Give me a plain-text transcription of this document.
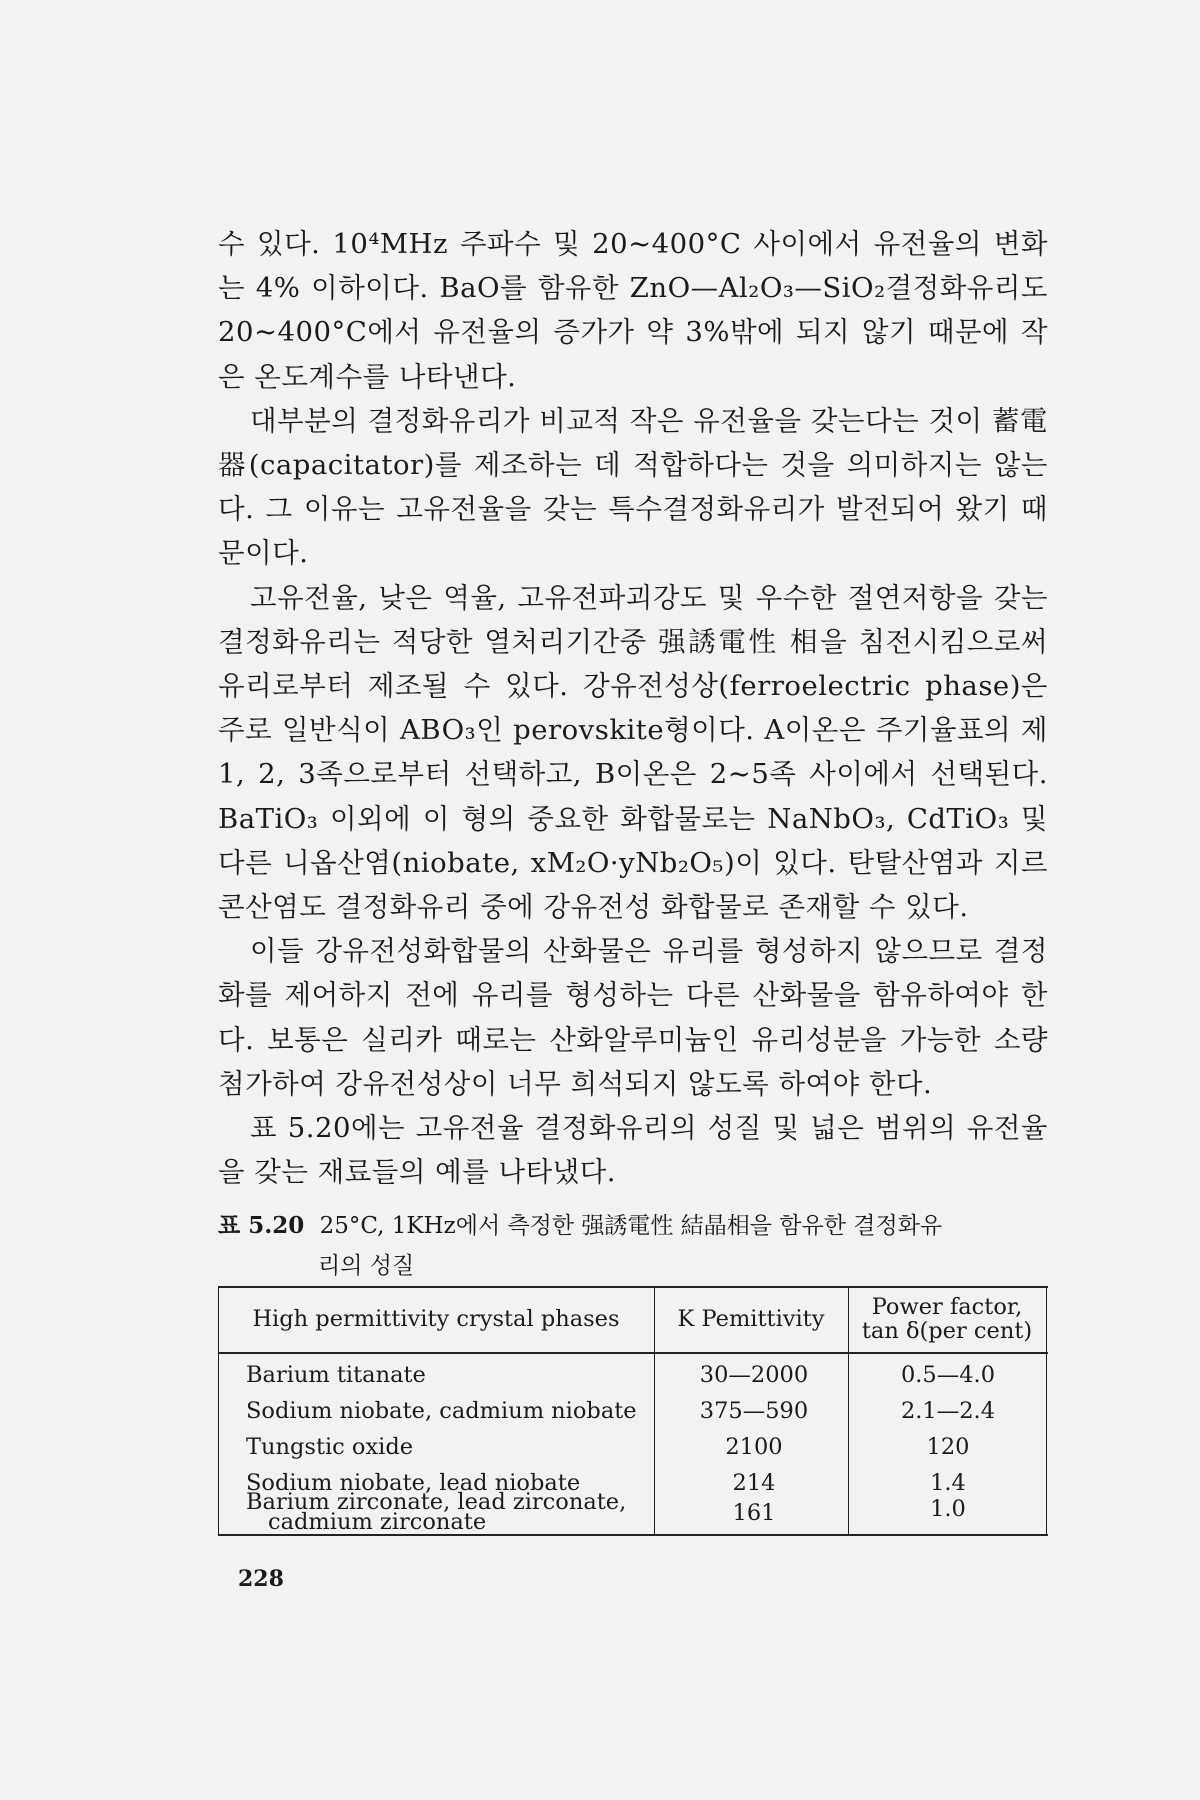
수 있다. 10⁴MHz 주파수 및 20∼400°C 사이에서 유전율의 변화는 4% 이하이다. BaO를 함유한 ZnO—Al₂O₃—SiO₂결정화유리도 20∼400°C에서 유전율의 증가가 약 3%밖에 되지 않기 때문에 작은 온도계수를 나타낸다.

대부분의 결정화유리가 비교적 작은 유전율을 갖는다는 것이 蓄電器(capacitator)를 제조하는 데 적합하다는 것을 의미하지는 않는다. 그 이유는 고유전율을 갖는 특수결정화유리가 발전되어 왔기 때문이다.

고유전율, 낮은 역율, 고유전파괴강도 및 우수한 절연저항을 갖는 결정화유리는 적당한 열처리기간중 强誘電性 相을 침전시킴으로써 유리로부터 제조될 수 있다. 강유전성상(ferroelectric phase)은 주로 일반식이 ABO₃인 perovskite형이다. A이온은 주기율표의 제 1, 2, 3족으로부터 선택하고, B이온은 2∼5족 사이에서 선택된다. BaTiO₃ 이외에 이 형의 중요한 화합물로는 NaNbO₃, CdTiO₃ 및 다른 니옵산염(niobate, xM₂O·yNb₂O₅)이 있다. 탄탈산염과 지르콘산염도 결정화유리 중에 강유전성 화합물로 존재할 수 있다.

이들 강유전성화합물의 산화물은 유리를 형성하지 않으므로 결정화를 제어하지 전에 유리를 형성하는 다른 산화물을 함유하여야 한다. 보통은 실리카 때로는 산화알루미늄인 유리성분을 가능한 소량 첨가하여 강유전성상이 너무 희석되지 않도록 하여야 한다.

표 5.20에는 고유전율 결정화유리의 성질 및 넓은 범위의 유전율을 갖는 재료들의 예를 나타냈다.

표 5.20 25°C, 1KHz에서 측정한 强誘電性 結晶相을 함유한 결정화유
리의 성질
High permittivity crystal phases	K Pemittivity	Power factor,
tan δ(per cent)
Barium titanate	30—2000	0.5—4.0
Sodium niobate, cadmium niobate	375—590	2.1—2.4
Tungstic oxide	2100	120
Sodium niobate, lead niobate	214	1.4
Barium zirconate, lead zirconate,
cadmium zirconate	161	1.0
228
